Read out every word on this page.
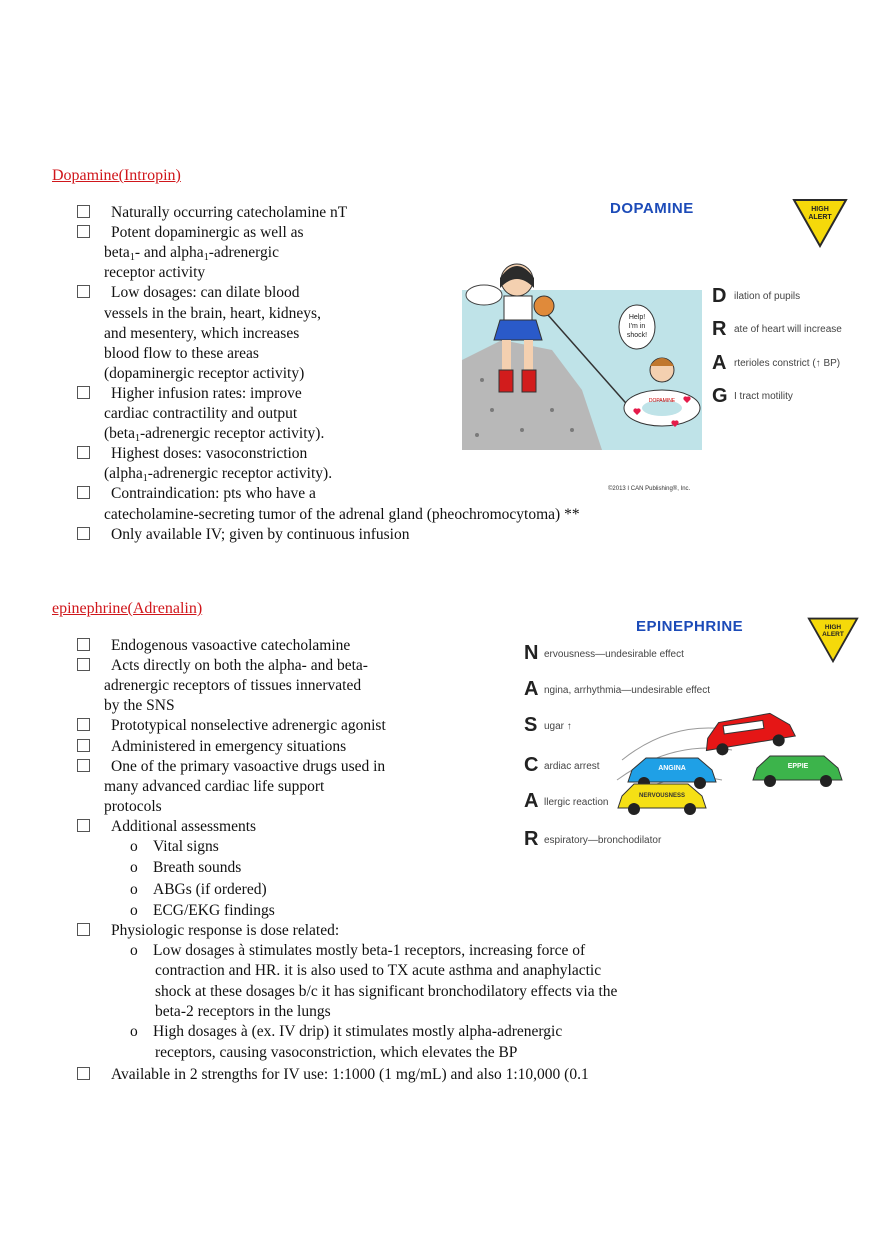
Dopamine(Intropin)
Naturally occurring catecholamine nT
Potent dopaminergic as well as
beta$_1$- and alpha$_1$-adrenergic
receptor activity
Low dosages: can dilate blood
vessels in the brain, heart, kidneys,
and mesentery, which increases
blood flow to these areas
(dopaminergic receptor activity)
Higher infusion rates: improve
cardiac contractility and output
(beta$_1$-adrenergic receptor activity).
Highest doses: vasoconstriction
(alpha$_1$-adrenergic receptor activity).
Contraindication: pts who have a
catecholamine-secreting tumor of the adrenal gland (pheochromocytoma) **
Only available IV; given by continuous infusion
DOPAMINE	HIGH
ALERT
Help!
I'm in
shock!
DOPAMINE
D ilation of pupils
R ate of heart will increase
A rterioles constrict (↑ BP)
G I tract motility
©2013 I CAN Publishing®, Inc.
epinephrine(Adrenalin)
Endogenous vasoactive catecholamine
Acts directly on both the alpha- and beta-
adrenergic receptors of tissues innervated
by the SNS
Prototypical nonselective adrenergic agonist
Administered in emergency situations
One of the primary vasoactive drugs used in
many advanced cardiac life support
protocols
Additional assessments
o Vital signs
o Breath sounds
o ABGs (if ordered)
o ECG/EKG findings
Physiologic response is dose related:
o Low dosages à stimulates mostly beta-1 receptors, increasing force of
contraction and HR. it is also used to TX acute asthma and anaphylactic
shock at these dosages b/c it has significant bronchodilatory effects via the
beta-2 receptors in the lungs
o High dosages à (ex. IV drip) it stimulates mostly alpha-adrenergic
receptors, causing vasoconstriction, which elevates the BP
Available in 2 strengths for IV use: 1:1000 (1 mg/mL) and also 1:10,000 (0.1
EPINEPHRINE	HIGH
ALERT
N ervousness—undesirable effect
A ngina, arrhythmia—undesirable effect
S ugar ↑
C ardiac arrest
A llergic reaction
R espiratory—bronchodilator
ANGINA	EPPIE
NERVOUSNESS
